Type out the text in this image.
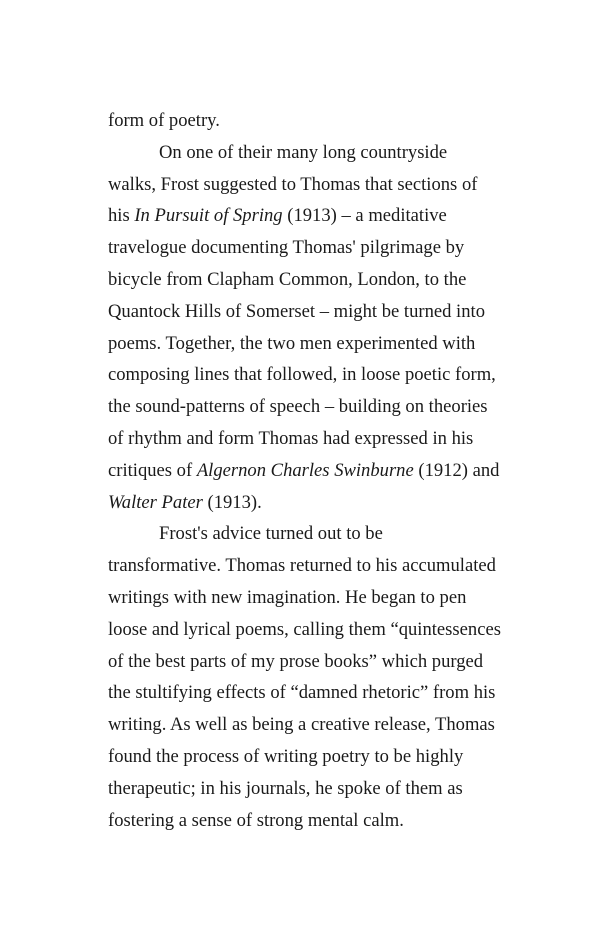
form of poetry.

On one of their many long countryside
walks, Frost suggested to Thomas that sections of
his In Pursuit of Spring (1913) – a meditative
travelogue documenting Thomas' pilgrimage by
bicycle from Clapham Common, London, to the
Quantock Hills of Somerset – might be turned into
poems. Together, the two men experimented with
composing lines that followed, in loose poetic form,
the sound-patterns of speech – building on theories
of rhythm and form Thomas had expressed in his
critiques of Algernon Charles Swinburne (1912) and
Walter Pater (1913).

Frost's advice turned out to be
transformative. Thomas returned to his accumulated
writings with new imagination. He began to pen
loose and lyrical poems, calling them “quintessences
of the best parts of my prose books” which purged
the stultifying effects of “damned rhetoric” from his
writing. As well as being a creative release, Thomas
found the process of writing poetry to be highly
therapeutic; in his journals, he spoke of them as
fostering a sense of strong mental calm.
